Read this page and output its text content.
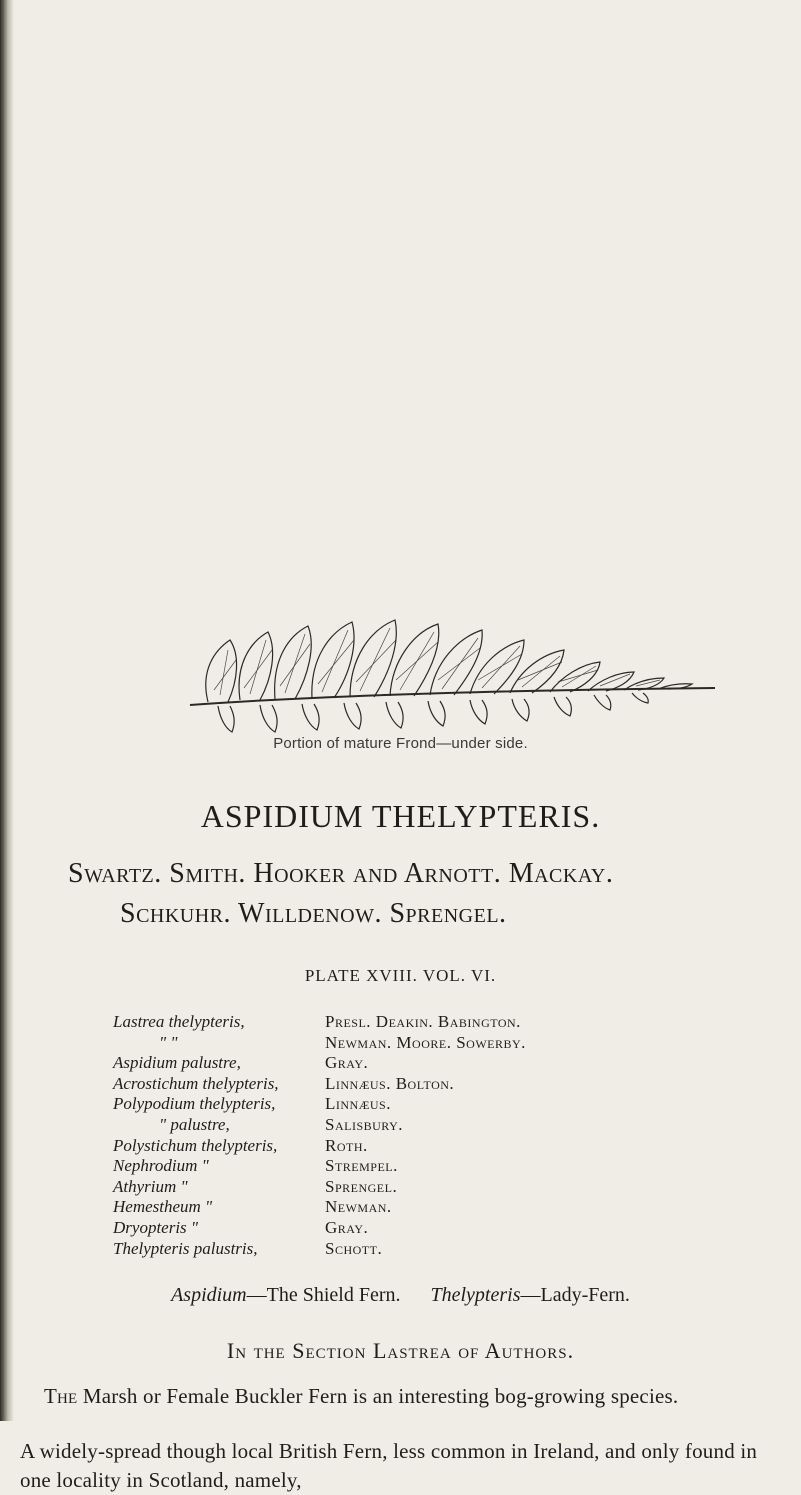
Portion of mature Frond—under side.
ASPIDIUM THELYPTERIS.
Swartz. Smith. Hooker and Arnott. Mackay.
Schkuhr. Willdenow. Sprengel.
PLATE XVIII. VOL. VI.
Lastrea thelypteris,
" "
Aspidium palustre,
Acrostichum thelypteris,
Polypodium thelypteris,
" palustre,
Polystichum thelypteris,
Nephrodium "
Athyrium "
Hemestheum "
Dryopteris "
Thelypteris palustris,
Presl. Deakin. Babington.
Newman. Moore. Sowerby.
Gray.
Linnæus. Bolton.
Linnæus.
Salisbury.
Roth.
Strempel.
Sprengel.
Newman.
Gray.
Schott.
Aspidium—The Shield Fern. Thelypteris—Lady-Fern.
In the Section Lastrea of Authors.
The Marsh or Female Buckler Fern is an interesting bog-growing species.
A widely-spread though local British Fern, less common in Ireland, and only found in one locality in Scotland, namely,
